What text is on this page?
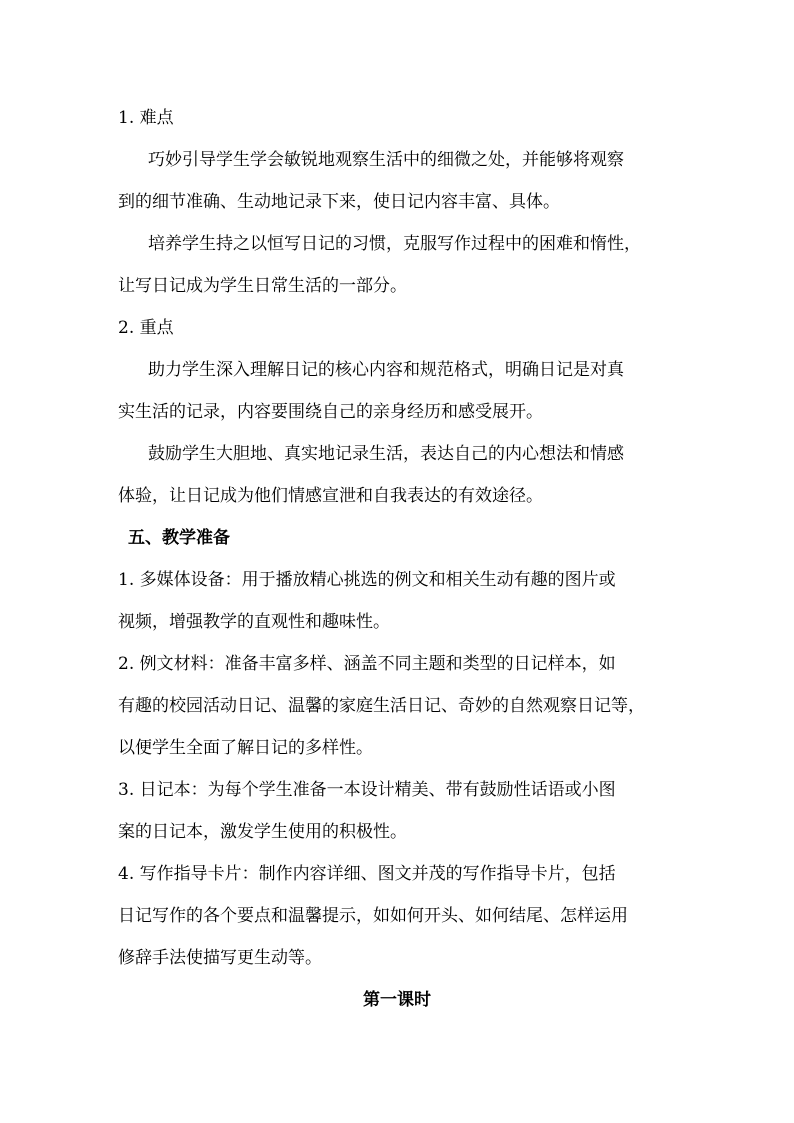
1. 难点
巧妙引导学生学会敏锐地观察生活中的细微之处，并能够将观察
到的细节准确、生动地记录下来，使日记内容丰富、具体。
培养学生持之以恒写日记的习惯，克服写作过程中的困难和惰性，
让写日记成为学生日常生活的一部分。
2. 重点
助力学生深入理解日记的核心内容和规范格式，明确日记是对真
实生活的记录，内容要围绕自己的亲身经历和感受展开。
鼓励学生大胆地、真实地记录生活，表达自己的内心想法和情感
体验，让日记成为他们情感宣泄和自我表达的有效途径。
五、教学准备
1. 多媒体设备：用于播放精心挑选的例文和相关生动有趣的图片或
视频，增强教学的直观性和趣味性。
2. 例文材料：准备丰富多样、涵盖不同主题和类型的日记样本，如
有趣的校园活动日记、温馨的家庭生活日记、奇妙的自然观察日记等，
以便学生全面了解日记的多样性。
3. 日记本：为每个学生准备一本设计精美、带有鼓励性话语或小图
案的日记本，激发学生使用的积极性。
4. 写作指导卡片：制作内容详细、图文并茂的写作指导卡片，包括
日记写作的各个要点和温馨提示，如如何开头、如何结尾、怎样运用
修辞手法使描写更生动等。
第一课时
